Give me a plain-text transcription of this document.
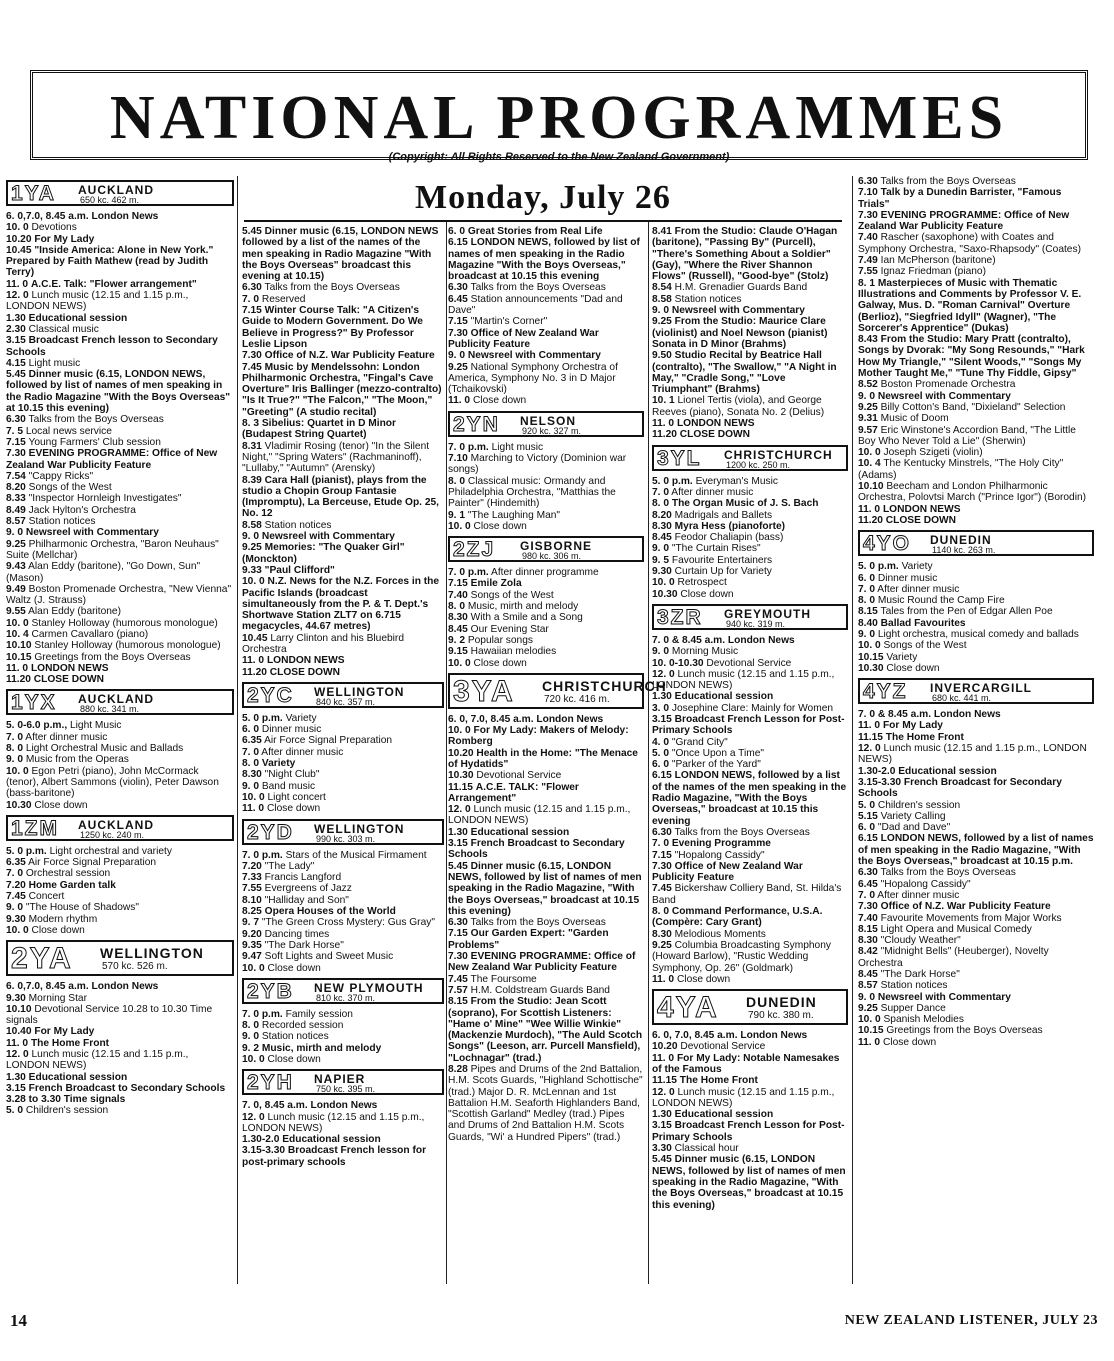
NATIONAL PROGRAMMES
(Copyright: All Rights Reserved to the New Zealand Government)
Monday, July 26
1YA AUCKLAND
650 kc. 462 m.
6. 0,7.0, 8.45 a.m. London News
10. 0 Devotions
10.20 For My Lady
10.45 "Inside America: Alone in New York." Prepared by Faith Mathew (read by Judith Terry)
11. 0 A.C.E. Talk: "Flower arrangement"
12. 0 Lunch music (12.15 and 1.15 p.m., LONDON NEWS)
1.30 Educational session
2.30 Classical music
3.15 Broadcast French lesson to Secondary Schools
4.15 Light music
5.45 Dinner music (6.15, LONDON NEWS, followed by list of names of men speaking in the Radio Magazine "With the Boys Overseas" at 10.15 this evening)
6.30 Talks from the Boys Overseas
7. 5 Local news service
7.15 Young Farmers' Club session
7.30 EVENING PROGRAMME: Office of New Zealand War Publicity Feature
7.54 "Cappy Ricks"
8.20 Songs of the West
8.33 "Inspector Hornleigh Investigates"
8.49 Jack Hylton's Orchestra
8.57 Station notices
9. 0 Newsreel with Commentary
9.25 Philharmonic Orchestra, "Baron Neuhaus" Suite (Mellchar)
9.43 Alan Eddy (baritone), "Go Down, Sun" (Mason)
9.49 Boston Promenade Orchestra, "New Vienna" Waltz (J. Strauss)
9.55 Alan Eddy (baritone)
10. 0 Stanley Holloway (humorous monologue)
10. 4 Carmen Cavallaro (piano)
10.10 Stanley Holloway (humorous monologue)
10.15 Greetings from the Boys Overseas
11. 0 LONDON NEWS
11.20 CLOSE DOWN
1YX AUCKLAND
880 kc. 341 m.
5. 0-6.0 p.m., Light Music
7. 0 After dinner music
8. 0 Light Orchestral Music and Ballads
9. 0 Music from the Operas
10. 0 Egon Petri (piano), John McCormack (tenor), Albert Sammons (violin), Peter Dawson (bass-baritone)
10.30 Close down
1ZM AUCKLAND
1250 kc. 240 m.
5. 0 p.m. Light orchestral and variety
6.35 Air Force Signal Preparation
7. 0 Orchestral session
7.20 Home Garden talk
7.45 Concert
9. 0 "The House of Shadows"
9.30 Modern rhythm
10. 0 Close down
2YA WELLINGTON
570 kc. 526 m.
6. 0,7.0, 8.45 a.m. London News
9.30 Morning Star
10.10 Devotional Service 10.28 to 10.30 Time signals
10.40 For My Lady
11. 0 The Home Front
12. 0 Lunch music (12.15 and 1.15 p.m., LONDON NEWS)
1.30 Educational session
3.15 French Broadcast to Secondary Schools 3.28 to 3.30 Time signals
5. 0 Children's session
5.45 Dinner music (6.15, LONDON NEWS followed by a list of the names of the men speaking in Radio Magazine "With the Boys Overseas" broadcast this evening at 10.15)
6.30 Talks from the Boys Overseas
7. 0 Reserved
7.15 Winter Course Talk: "A Citizen's Guide to Modern Government. Do We Believe in Progress?" By Professor Leslie Lipson
7.30 Office of N.Z. War Publicity Feature
7.45 Music by Mendelssohn: London Philharmonic Orchestra, "Fingal's Cave Overture" Iris Ballinger (mezzo-contralto) "Is It True?" "The Falcon," "The Moon," "Greeting" (A studio recital)
8. 3 Sibelius: Quartet in D Minor (Budapest String Quartet)
8.31 Vladimir Rosing (tenor) "In the Silent Night," "Spring Waters" (Rachmaninoff), "Lullaby," "Autumn" (Arensky)
8.39 Cara Hall (pianist), plays from the studio a Chopin Group Fantasie (Impromptu), La Berceuse, Etude Op. 25, No. 12
8.58 Station notices
9. 0 Newsreel with Commentary
9.25 Memories: "The Quaker Girl" (Monckton)
9.33 "Paul Clifford"
10. 0 N.Z. News for the N.Z. Forces in the Pacific Islands (broadcast simultaneously from the P. & T. Dept.'s Shortwave Station ZLT7 on 6.715 megacycles, 44.67 metres)
10.45 Larry Clinton and his Bluebird Orchestra
11. 0 LONDON NEWS
11.20 CLOSE DOWN
2YC WELLINGTON
840 kc. 357 m.
5. 0 p.m. Variety
6. 0 Dinner music
6.35 Air Force Signal Preparation
7. 0 After dinner music
8. 0 Variety
8.30 "Night Club"
9. 0 Band music
10. 0 Light concert
11. 0 Close down
2YD WELLINGTON
990 kc. 303 m.
7. 0 p.m. Stars of the Musical Firmament
7.20 "The Lady"
7.33 Francis Langford
7.55 Evergreens of Jazz
8.10 "Halliday and Son"
8.25 Opera Houses of the World
9. 7 "The Green Cross Mystery: Gus Gray"
9.20 Dancing times
9.35 "The Dark Horse"
9.47 Soft Lights and Sweet Music
10. 0 Close down
2YB NEW PLYMOUTH
810 kc. 370 m.
7. 0 p.m. Family session
8. 0 Recorded session
9. 0 Station notices
9. 2 Music, mirth and melody
10. 0 Close down
2YH NAPIER
750 kc. 395 m.
7. 0, 8.45 a.m. London News
12. 0 Lunch music (12.15 and 1.15 p.m., LONDON NEWS)
1.30-2.0 Educational session
3.15-3.30 Broadcast French lesson for post-primary schools
6. 0 Great Stories from Real Life
6.15 LONDON NEWS, followed by list of names of men speaking in the Radio Magazine "With the Boys Overseas," broadcast at 10.15 this evening
6.30 Talks from the Boys Overseas
6.45 Station announcements "Dad and Dave"
7.15 "Martin's Corner"
7.30 Office of New Zealand War Publicity Feature
9. 0 Newsreel with Commentary
9.25 National Symphony Orchestra of America, Symphony No. 3 in D Major (Tchaikovski)
11. 0 Close down
2YN NELSON
920 kc. 327 m.
7. 0 p.m. Light music
7.10 Marching to Victory (Dominion war songs)
8. 0 Classical music: Ormandy and Philadelphia Orchestra, "Matthias the Painter" (Hindemith)
9. 1 "The Laughing Man"
10. 0 Close down
2ZJ GISBORNE
980 kc. 306 m.
7. 0 p.m. After dinner programme
7.15 Emile Zola
7.40 Songs of the West
8. 0 Music, mirth and melody
8.30 With a Smile and a Song
8.45 Our Evening Star
9. 2 Popular songs
9.15 Hawaiian melodies
10. 0 Close down
3YA CHRISTCHURCH
720 kc. 416 m.
6. 0, 7.0, 8.45 a.m. London News
10. 0 For My Lady: Makers of Melody: Romberg
10.20 Health in the Home: "The Menace of Hydatids"
10.30 Devotional Service
11.15 A.C.E. TALK: "Flower Arrangement"
12. 0 Lunch music (12.15 and 1.15 p.m., LONDON NEWS)
1.30 Educational session
3.15 French Broadcast to Secondary Schools
5.45 Dinner music (6.15, LONDON NEWS, followed by list of names of men speaking in the Radio Magazine, "With the Boys Overseas," broadcast at 10.15 this evening)
6.30 Talks from the Boys Overseas
7.15 Our Garden Expert: "Garden Problems"
7.30 EVENING PROGRAMME: Office of New Zealand War Publicity Feature
7.45 The Foursome
7.57 H.M. Coldstream Guards Band
8.15 From the Studio: Jean Scott (soprano), For Scottish Listeners: "Hame o' Mine" "Wee Willie Winkie" (Mackenzie Murdoch), "The Auld Scotch Songs" (Leeson, arr. Purcell Mansfield), "Lochnagar" (trad.)
8.28 Pipes and Drums of the 2nd Battalion, H.M. Scots Guards, "Highland Schottische" (trad.) Major D. R. McLennan and 1st Battalion H.M. Seaforth Highlanders Band, "Scottish Garland" Medley (trad.) Pipes and Drums of 2nd Battalion H.M. Scots Guards, "Wi' a Hundred Pipers" (trad.)
8.41 From the Studio: Claude O'Hagan (baritone), "Passing By" (Purcell), "There's Something About a Soldier" (Gay), "Where the River Shannon Flows" (Russell), "Good-bye" (Stolz)
8.54 H.M. Grenadier Guards Band
8.58 Station notices
9. 0 Newsreel with Commentary
9.25 From the Studio: Maurice Clare (violinist) and Noel Newson (pianist) Sonata in D Minor (Brahms)
9.50 Studio Recital by Beatrice Hall (contralto), "The Swallow," "A Night in May," "Cradle Song," "Love Triumphant" (Brahms)
10. 1 Lionel Tertis (viola), and George Reeves (piano), Sonata No. 2 (Delius)
11. 0 LONDON NEWS
11.20 CLOSE DOWN
3YL CHRISTCHURCH
1200 kc. 250 m.
5. 0 p.m. Everyman's Music
7. 0 After dinner music
8. 0 The Organ Music of J. S. Bach
8.20 Madrigals and Ballets
8.30 Myra Hess (pianoforte)
8.45 Feodor Chaliapin (bass)
9. 0 "The Curtain Rises"
9. 5 Favourite Entertainers
9.30 Curtain Up for Variety
10. 0 Retrospect
10.30 Close down
3ZR GREYMOUTH
940 kc. 319 m.
7. 0 & 8.45 a.m. London News
9. 0 Morning Music
10. 0-10.30 Devotional Service
12. 0 Lunch music (12.15 and 1.15 p.m., LONDON NEWS)
1.30 Educational session
3. 0 Josephine Clare: Mainly for Women
3.15 Broadcast French Lesson for Post-Primary Schools
4. 0 "Grand City"
5. 0 "Once Upon a Time"
6. 0 "Parker of the Yard"
6.15 LONDON NEWS, followed by a list of the names of the men speaking in the Radio Magazine, "With the Boys Overseas," broadcast at 10.15 this evening
6.30 Talks from the Boys Overseas
7. 0 Evening Programme
7.15 "Hopalong Cassidy"
7.30 Office of New Zealand War Publicity Feature
7.45 Bickershaw Colliery Band, St. Hilda's Band
8. 0 Command Performance, U.S.A. (Compère: Cary Grant)
8.30 Melodious Moments
9.25 Columbia Broadcasting Symphony (Howard Barlow), "Rustic Wedding Symphony, Op. 26" (Goldmark)
11. 0 Close down
4YA DUNEDIN
790 kc. 380 m.
6. 0, 7.0, 8.45 a.m. London News
10.20 Devotional Service
11. 0 For My Lady: Notable Namesakes of the Famous
11.15 The Home Front
12. 0 Lunch music (12.15 and 1.15 p.m., LONDON NEWS)
1.30 Educational session
3.15 Broadcast French Lesson for Post-Primary Schools
3.30 Classical hour
5.45 Dinner music (6.15, LONDON NEWS, followed by list of names of men speaking in the Radio Magazine, "With the Boys Overseas," broadcast at 10.15 this evening)
6.30 Talks from the Boys Overseas
7.10 Talk by a Dunedin Barrister, "Famous Trials"
7.30 EVENING PROGRAMME: Office of New Zealand War Publicity Feature
7.40 Rascher (saxophone) with Coates and Symphony Orchestra, "Saxo-Rhapsody" (Coates)
7.49 Ian McPherson (baritone)
7.55 Ignaz Friedman (piano)
8. 1 Masterpieces of Music with Thematic Illustrations and Comments by Professor V. E. Galway, Mus. D. "Roman Carnival" Overture (Berlioz), "Siegfried Idyll" (Wagner), "The Sorcerer's Apprentice" (Dukas)
8.43 From the Studio: Mary Pratt (contralto), Songs by Dvorak: "My Song Resounds," "Hark How My Triangle," "Silent Woods," "Songs My Mother Taught Me," "Tune Thy Fiddle, Gipsy"
8.52 Boston Promenade Orchestra
9. 0 Newsreel with Commentary
9.25 Billy Cotton's Band, "Dixieland" Selection
9.31 Music of Doom
9.57 Eric Winstone's Accordion Band, "The Little Boy Who Never Told a Lie" (Sherwin)
10. 0 Joseph Szigeti (violin)
10. 4 The Kentucky Minstrels, "The Holy City" (Adams)
10.10 Beecham and London Philharmonic Orchestra, Polovtsi March ("Prince Igor") (Borodin)
11. 0 LONDON NEWS
11.20 CLOSE DOWN
4YO DUNEDIN
1140 kc. 263 m.
5. 0 p.m. Variety
6. 0 Dinner music
7. 0 After dinner music
8. 0 Music Round the Camp Fire
8.15 Tales from the Pen of Edgar Allen Poe
8.40 Ballad Favourites
9. 0 Light orchestra, musical comedy and ballads
10. 0 Songs of the West
10.15 Variety
10.30 Close down
4YZ INVERCARGILL
680 kc. 441 m.
7. 0 & 8.45 a.m. London News
11. 0 For My Lady
11.15 The Home Front
12. 0 Lunch music (12.15 and 1.15 p.m., LONDON NEWS)
1.30-2.0 Educational session
3.15-3.30 French Broadcast for Secondary Schools
5. 0 Children's session
5.15 Variety Calling
6. 0 "Dad and Dave"
6.15 LONDON NEWS, followed by a list of names of men speaking in the Radio Magazine, "With the Boys Overseas," broadcast at 10.15 p.m.
6.30 Talks from the Boys Overseas
6.45 "Hopalong Cassidy"
7. 0 After dinner music
7.30 Office of N.Z. War Publicity Feature
7.40 Favourite Movements from Major Works
8.15 Light Opera and Musical Comedy
8.30 "Cloudy Weather"
8.42 "Midnight Bells" (Heuberger), Novelty Orchestra
8.45 "The Dark Horse"
8.57 Station notices
9. 0 Newsreel with Commentary
9.25 Supper Dance
10. 0 Spanish Melodies
10.15 Greetings from the Boys Overseas
11. 0 Close down
14	NEW ZEALAND LISTENER, JULY 23
